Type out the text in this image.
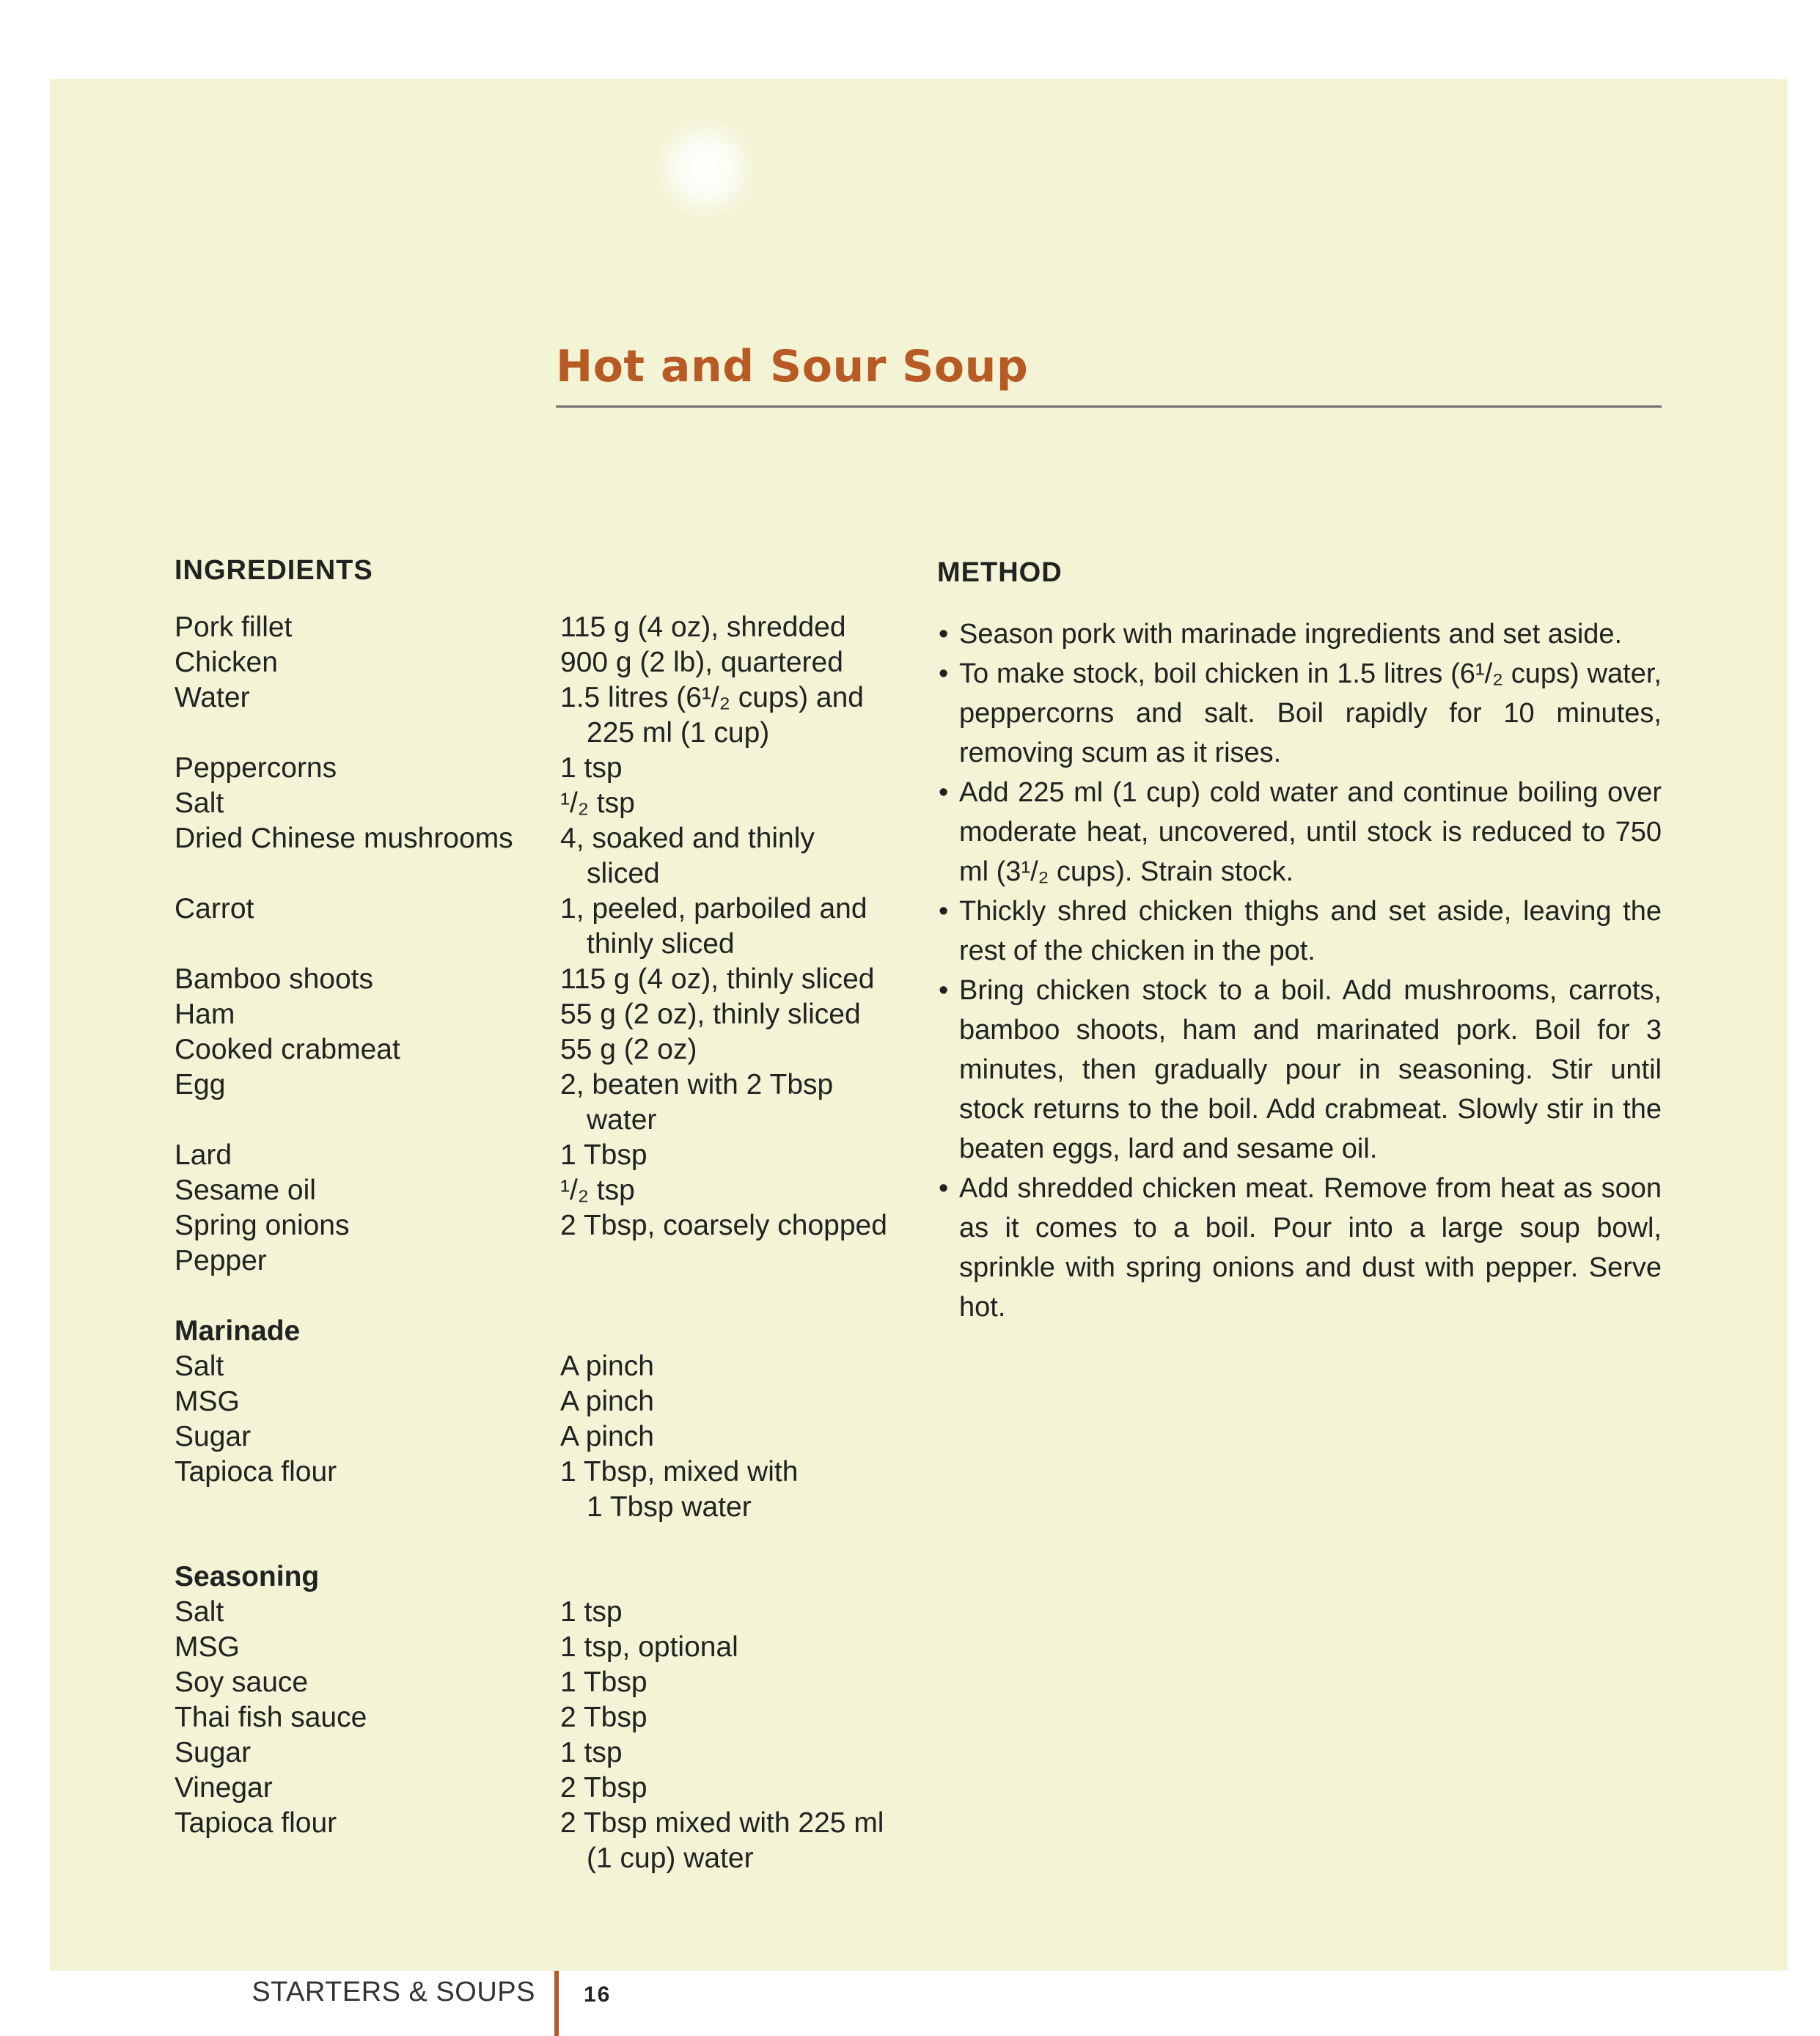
Hot and Sour Soup
INGREDIENTS
Pork fillet	115 g (4 oz), shredded
Chicken	900 g (2 lb), quartered
Water	1.5 litres (6¹/₂ cups) and
225 ml (1 cup)
Peppercorns	1 tsp
Salt	¹/₂ tsp
Dried Chinese mushrooms	4, soaked and thinly
sliced
Carrot	1, peeled, parboiled and
thinly sliced
Bamboo shoots	115 g (4 oz), thinly sliced
Ham	55 g (2 oz), thinly sliced
Cooked crabmeat	55 g (2 oz)
Egg	2, beaten with 2 Tbsp
water
Lard	1 Tbsp
Sesame oil	¹/₂ tsp
Spring onions	2 Tbsp, coarsely chopped
Pepper
Marinade
Salt	A pinch
MSG	A pinch
Sugar	A pinch
Tapioca flour	1 Tbsp, mixed with
1 Tbsp water
Seasoning
Salt	1 tsp
MSG	1 tsp, optional
Soy sauce	1 Tbsp
Thai fish sauce	2 Tbsp
Sugar	1 tsp
Vinegar	2 Tbsp
Tapioca flour	2 Tbsp mixed with 225 ml
(1 cup) water
METHOD
• Season pork with marinade ingredients and set aside.
• To make stock, boil chicken in 1.5 litres (6¹/₂ cups) water, peppercorns and salt. Boil rapidly for 10 minutes, removing scum as it rises.
• Add 225 ml (1 cup) cold water and continue boiling over moderate heat, uncovered, until stock is reduced to 750 ml (3¹/₂ cups). Strain stock.
• Thickly shred chicken thighs and set aside, leaving the rest of the chicken in the pot.
• Bring chicken stock to a boil. Add mushrooms, carrots, bamboo shoots, ham and marinated pork. Boil for 3 minutes, then gradually pour in seasoning. Stir until stock returns to the boil. Add crabmeat. Slowly stir in the beaten eggs, lard and sesame oil.
• Add shredded chicken meat. Remove from heat as soon as it comes to a boil. Pour into a large soup bowl, sprinkle with spring onions and dust with pepper. Serve hot.
STARTERS & SOUPS 16
